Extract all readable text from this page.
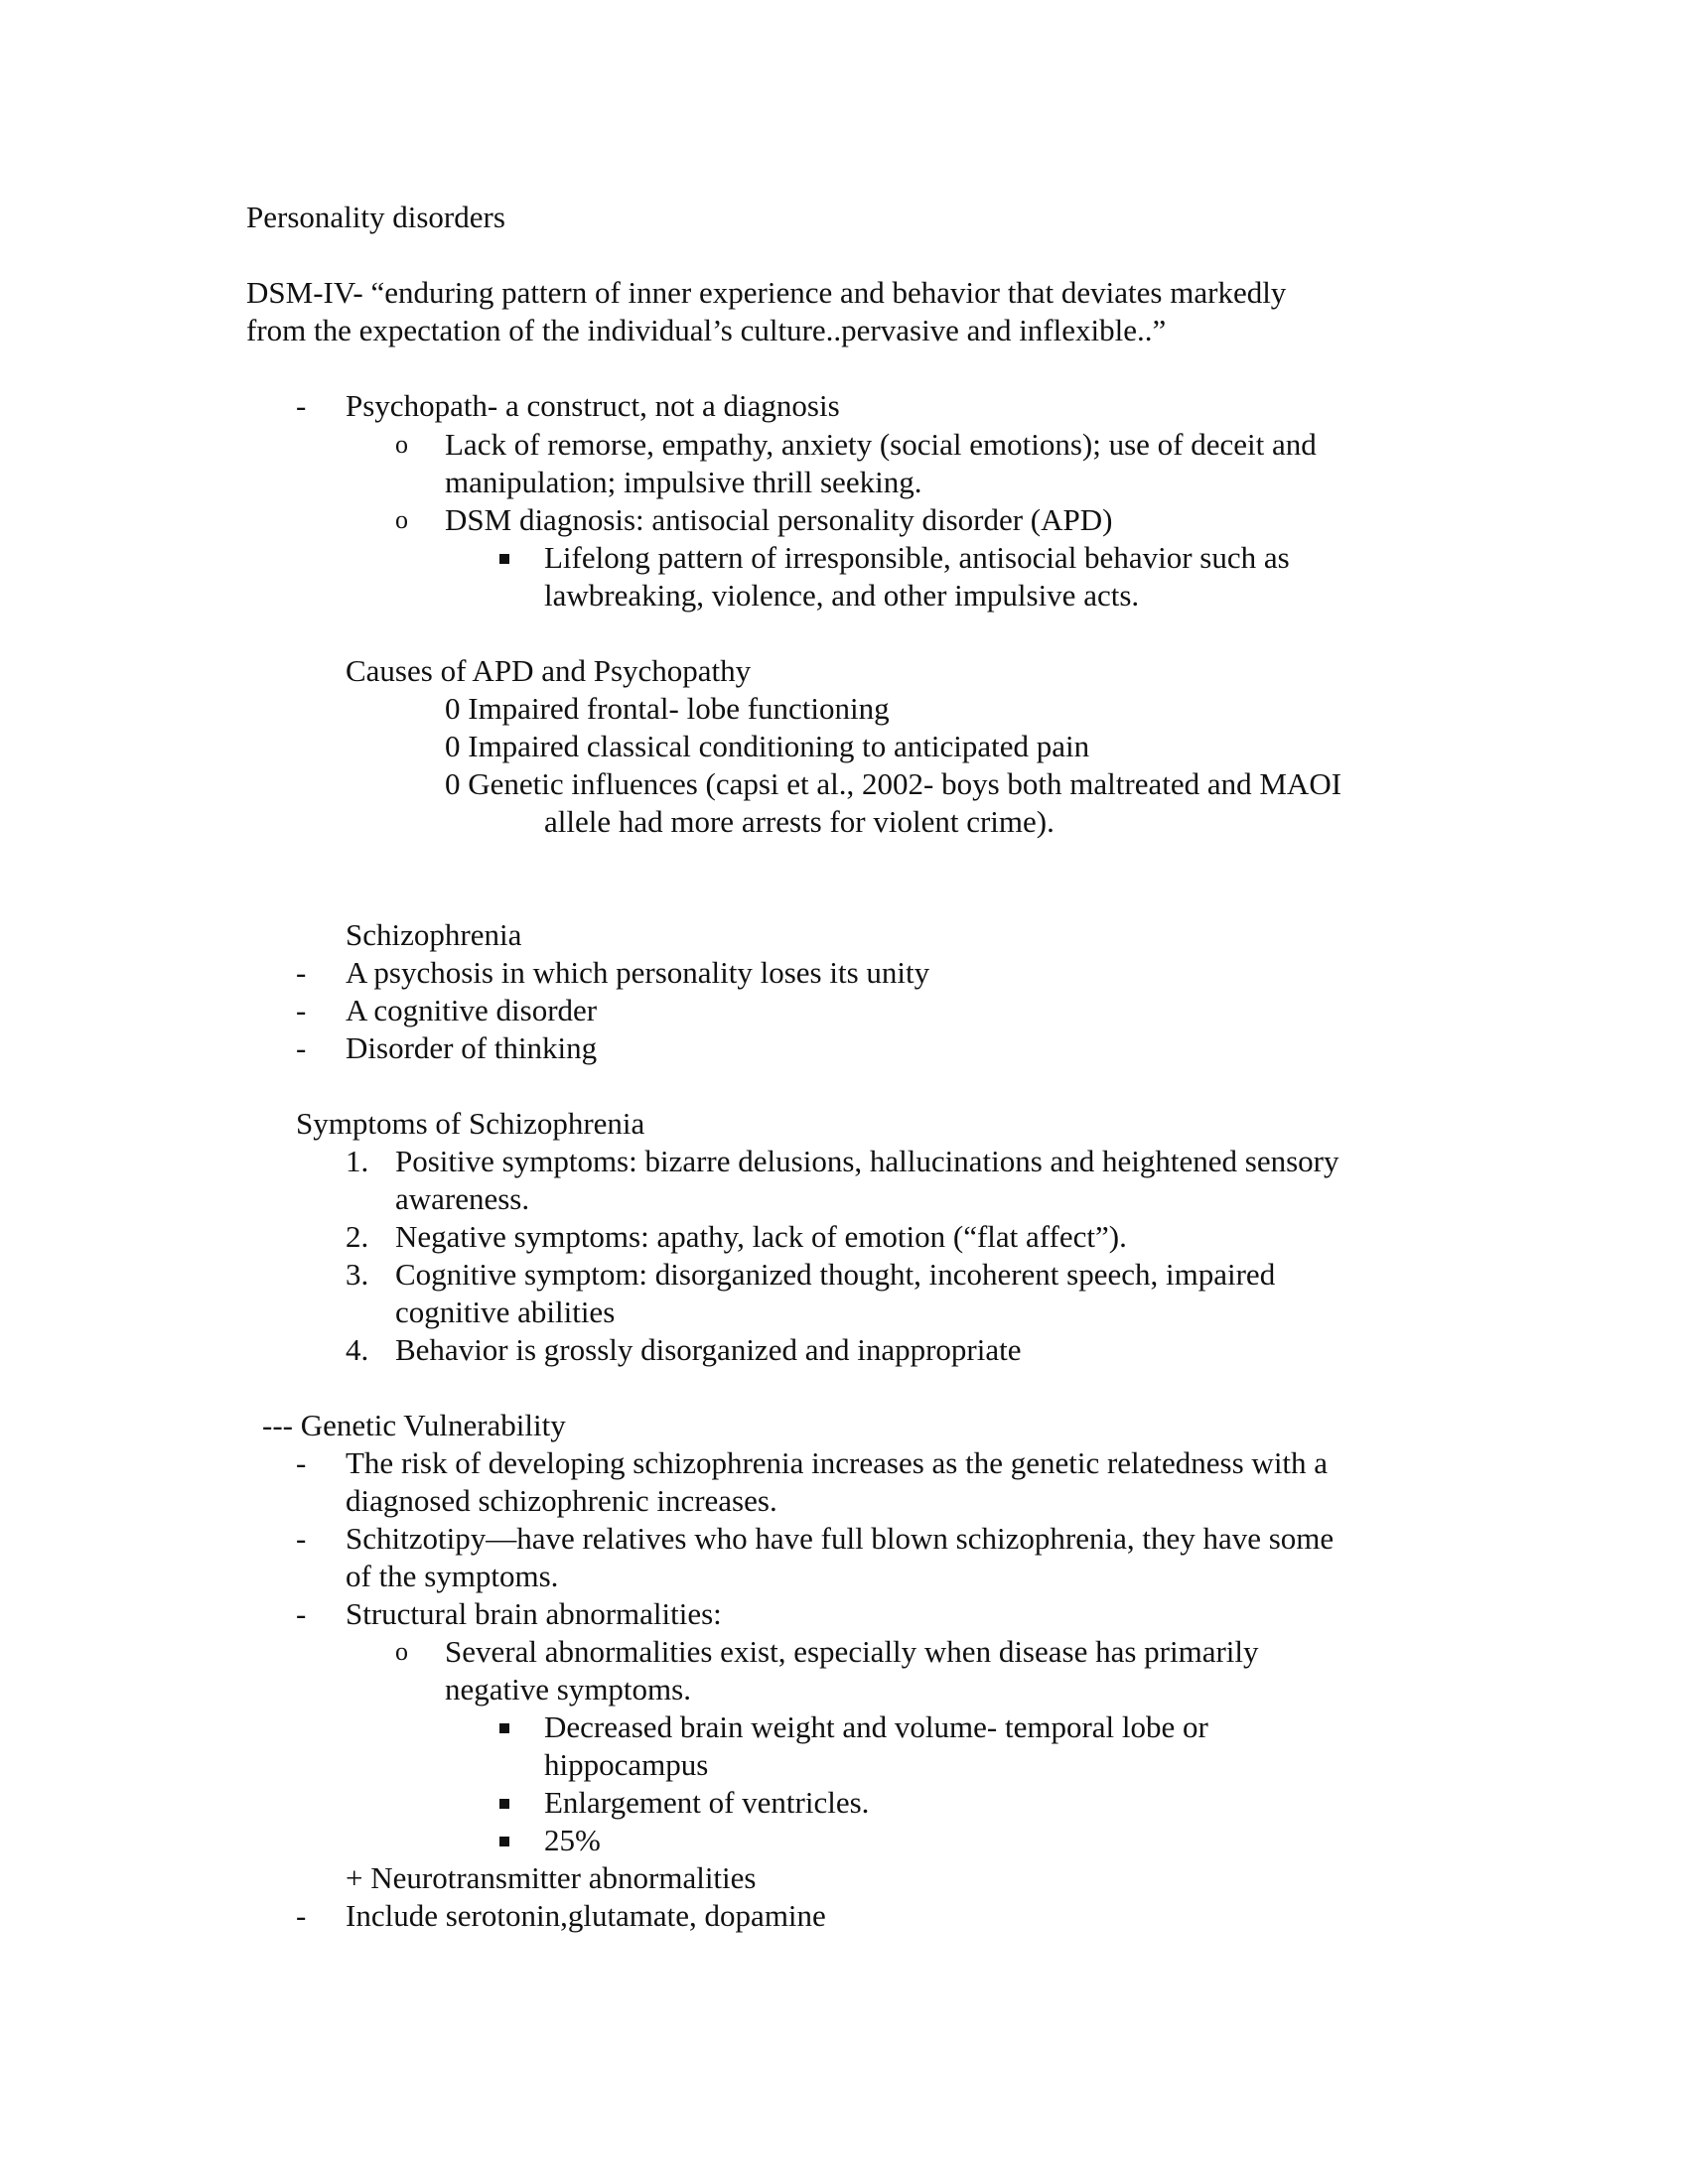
Personality disorders
DSM-IV- “enduring pattern of inner experience and behavior that deviates markedly
from the expectation of the individual’s culture..pervasive and inflexible..”
- Psychopath- a construct, not a diagnosis
o Lack of remorse, empathy, anxiety (social emotions); use of deceit and
manipulation; impulsive thrill seeking.
o DSM diagnosis: antisocial personality disorder (APD)
Lifelong pattern of irresponsible, antisocial behavior such as
lawbreaking, violence, and other impulsive acts.
Causes of APD and Psychopathy
0 Impaired frontal- lobe functioning
0 Impaired classical conditioning to anticipated pain
0 Genetic influences (capsi et al., 2002- boys both maltreated and MAOI
allele had more arrests for violent crime).
Schizophrenia
- A psychosis in which personality loses its unity
- A cognitive disorder
- Disorder of thinking
Symptoms of Schizophrenia
1. Positive symptoms: bizarre delusions, hallucinations and heightened sensory
awareness.
2. Negative symptoms: apathy, lack of emotion (“flat affect”).
3. Cognitive symptom: disorganized thought, incoherent speech, impaired
cognitive abilities
4. Behavior is grossly disorganized and inappropriate
--- Genetic Vulnerability
- The risk of developing schizophrenia increases as the genetic relatedness with a
diagnosed schizophrenic increases.
- Schitzotipy—have relatives who have full blown schizophrenia, they have some
of the symptoms.
- Structural brain abnormalities:
o Several abnormalities exist, especially when disease has primarily
negative symptoms.
Decreased brain weight and volume- temporal lobe or
hippocampus
Enlargement of ventricles.
25%
+ Neurotransmitter abnormalities
- Include serotonin,glutamate, dopamine
